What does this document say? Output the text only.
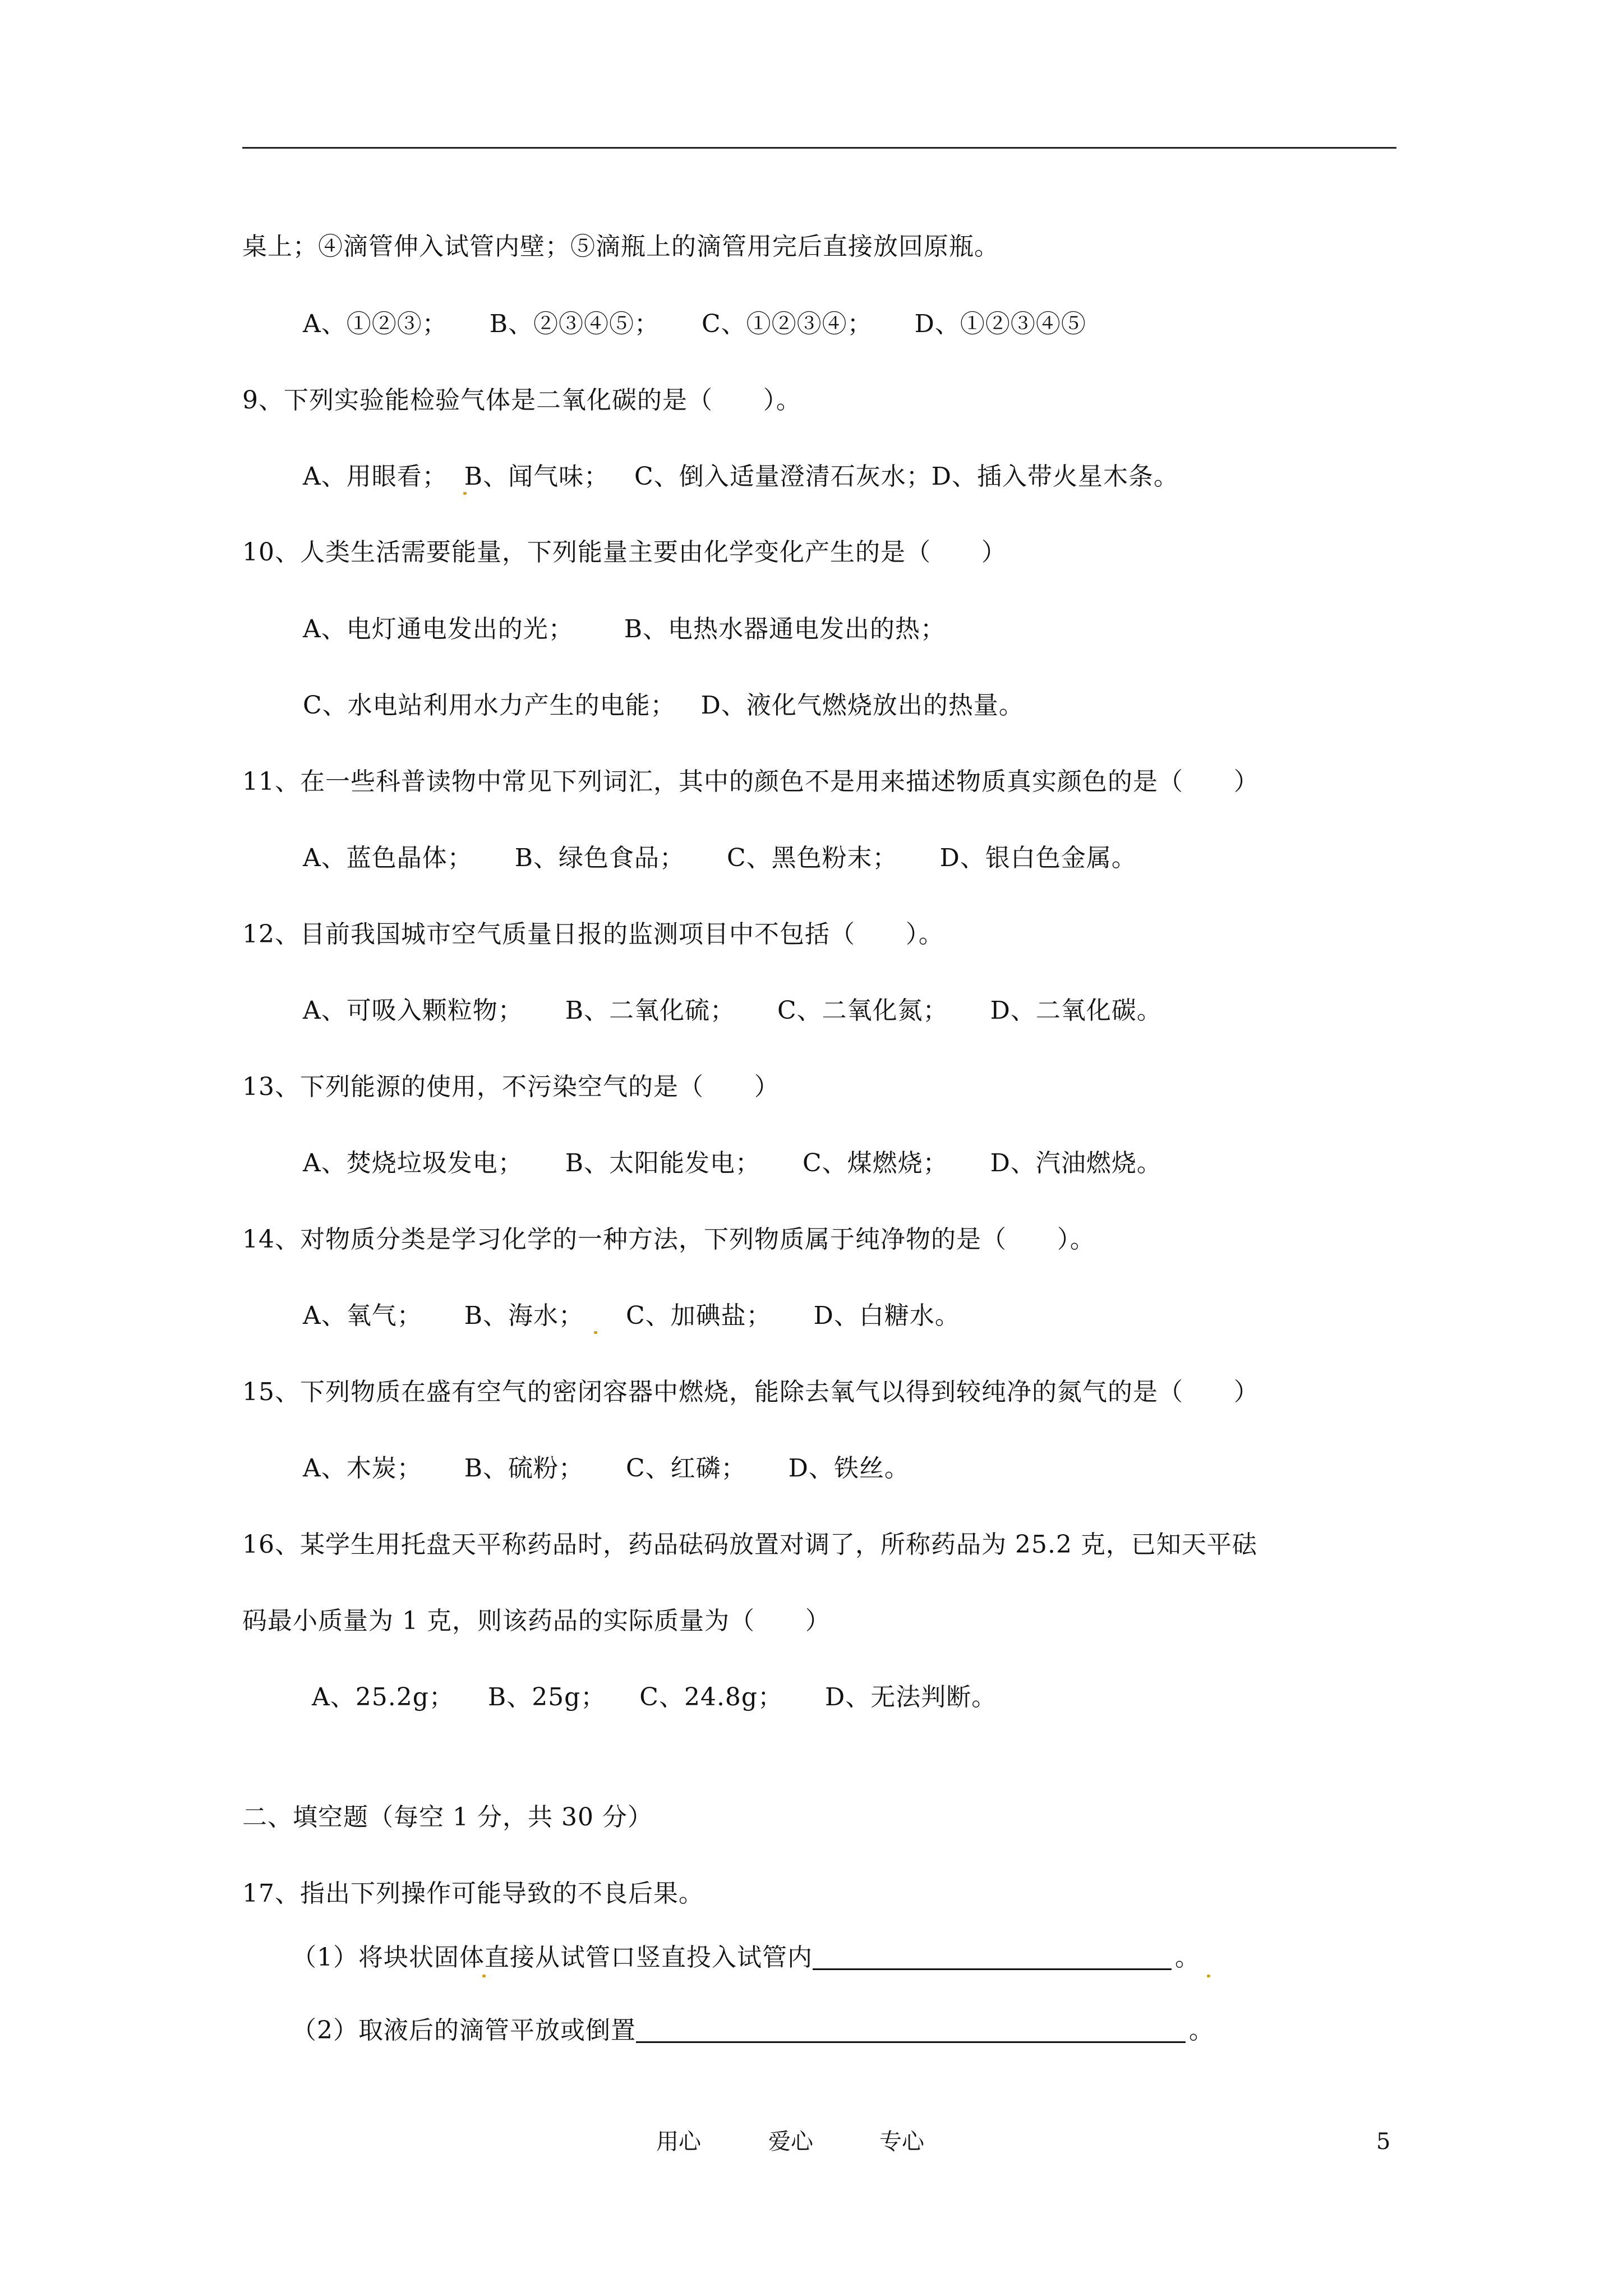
桌上；④滴管伸入试管内壁；⑤滴瓶上的滴管用完后直接放回原瓶。
A、①②③；     B、②③④⑤；     C、①②③④；     D、①②③④⑤
9、下列实验能检验气体是二氧化碳的是（      ）。
A、用眼看；  B、闻气味；   C、倒入适量澄清石灰水；D、插入带火星木条。
10、人类生活需要能量，下列能量主要由化学变化产生的是（      ）
A、电灯通电发出的光；      B、电热水器通电发出的热；
C、水电站利用水力产生的电能；   D、液化气燃烧放出的热量。
11、在一些科普读物中常见下列词汇，其中的颜色不是用来描述物质真实颜色的是（      ）
A、蓝色晶体；     B、绿色食品；     C、黑色粉末；     D、银白色金属。
12、目前我国城市空气质量日报的监测项目中不包括（      ）。
A、可吸入颗粒物；     B、二氧化硫；     C、二氧化氮；     D、二氧化碳。
13、下列能源的使用，不污染空气的是（      ）
A、焚烧垃圾发电；     B、太阳能发电；     C、煤燃烧；     D、汽油燃烧。
14、对物质分类是学习化学的一种方法，下列物质属于纯净物的是（      ）。
A、氧气；     B、海水；     C、加碘盐；     D、白糖水。
15、下列物质在盛有空气的密闭容器中燃烧，能除去氧气以得到较纯净的氮气的是（      ）
A、木炭；     B、硫粉；     C、红磷；     D、铁丝。
16、某学生用托盘天平称药品时，药品砝码放置对调了，所称药品为 25.2 克，已知天平砝
码最小质量为 1 克，则该药品的实际质量为（      ）
A、25.2g；    B、25g；    C、24.8g；     D、无法判断。
二、填空题（每空 1 分，共 30 分）
17、指出下列操作可能导致的不良后果。
（1）将块状固体直接从试管口竖直投入试管内	。
（2）取液后的滴管平放或倒置	。
用心	爱心	专心	5
